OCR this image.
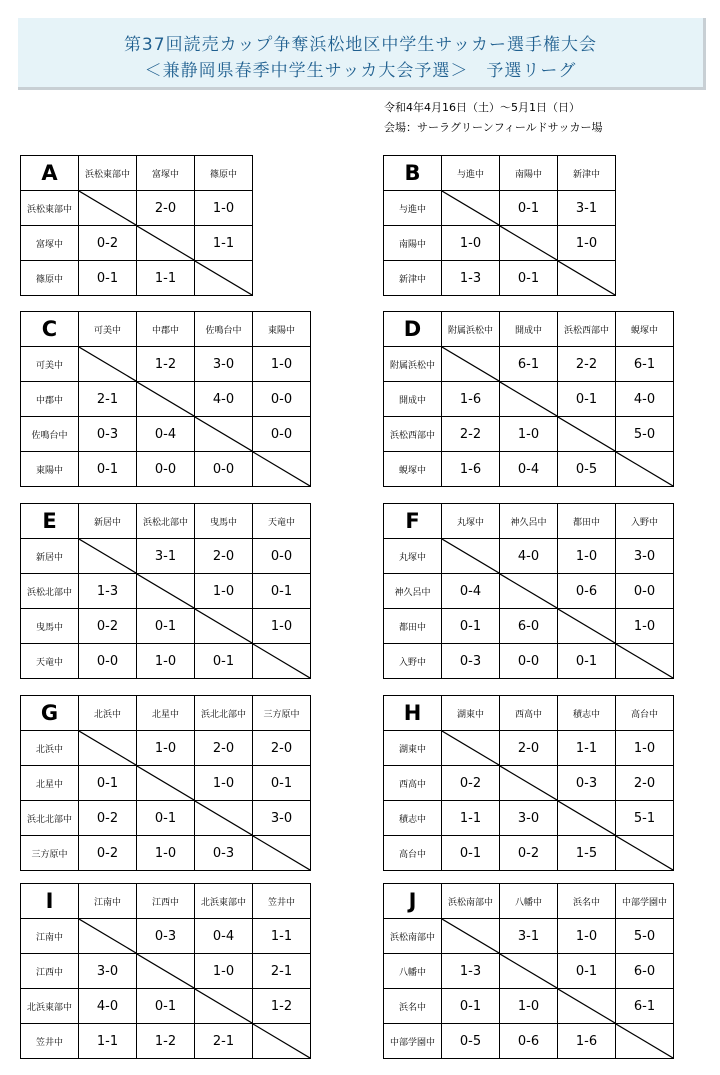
第37回読売カップ争奪浜松地区中学生サッカー選手権大会
＜兼静岡県春季中学生サッカ大会予選＞　予選リーグ
令和4年4月16日（土）～5月1日（日）
会場：サーラグリーンフィールドサッカー場
A	浜松東部中	富塚中	篠原中
浜松東部中		2-0	1-0
富塚中	0-2		1-1
篠原中	0-1	1-1	
B	与進中	南陽中	新津中
与進中		0-1	3-1
南陽中	1-0		1-0
新津中	1-3	0-1	
C	可美中	中郡中	佐鳴台中	東陽中
可美中		1-2	3-0	1-0
中郡中	2-1		4-0	0-0
佐鳴台中	0-3	0-4		0-0
東陽中	0-1	0-0	0-0	
D	附属浜松中	開成中	浜松西部中	蜆塚中
附属浜松中		6-1	2-2	6-1
開成中	1-6		0-1	4-0
浜松西部中	2-2	1-0		5-0
蜆塚中	1-6	0-4	0-5	
E	新居中	浜松北部中	曳馬中	天竜中
新居中		3-1	2-0	0-0
浜松北部中	1-3		1-0	0-1
曳馬中	0-2	0-1		1-0
天竜中	0-0	1-0	0-1	
F	丸塚中	神久呂中	都田中	入野中
丸塚中		4-0	1-0	3-0
神久呂中	0-4		0-6	0-0
都田中	0-1	6-0		1-0
入野中	0-3	0-0	0-1	
G	北浜中	北星中	浜北北部中	三方原中
北浜中		1-0	2-0	2-0
北星中	0-1		1-0	0-1
浜北北部中	0-2	0-1		3-0
三方原中	0-2	1-0	0-3	
H	湖東中	西高中	積志中	高台中
湖東中		2-0	1-1	1-0
西高中	0-2		0-3	2-0
積志中	1-1	3-0		5-1
高台中	0-1	0-2	1-5	
I	江南中	江西中	北浜東部中	笠井中
江南中		0-3	0-4	1-1
江西中	3-0		1-0	2-1
北浜東部中	4-0	0-1		1-2
笠井中	1-1	1-2	2-1	
J	浜松南部中	八幡中	浜名中	中部学園中
浜松南部中		3-1	1-0	5-0
八幡中	1-3		0-1	6-0
浜名中	0-1	1-0		6-1
中部学園中	0-5	0-6	1-6	
